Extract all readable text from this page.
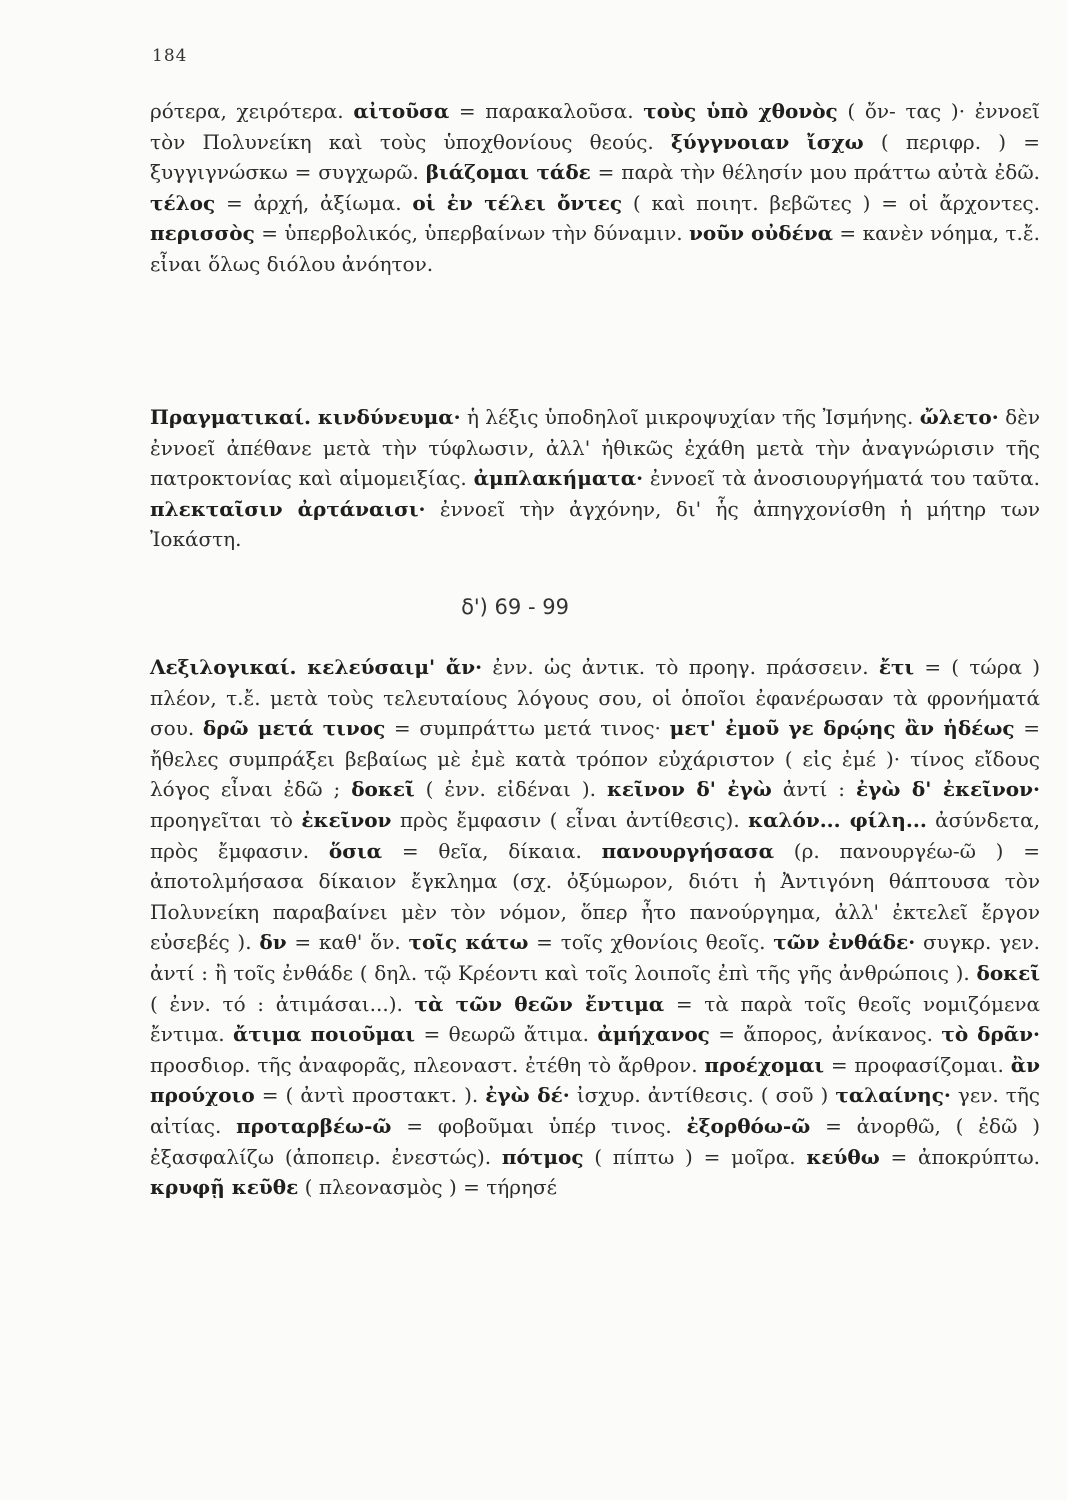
184

ρότερα, χειρότερα. αἰτοῦσα = παρακαλοῦσα. τοὺς ὑπὸ χθονὸς ( ὄν- τας )· ἐννοεῖ τὸν Πολυνείκη καὶ τοὺς ὑποχθονίους θεούς. ξύγγνοιαν ἴσχω ( περιφρ. ) = ξυγγιγνώσκω = συγχωρῶ. βιάζομαι τάδε = παρὰ τὴν θέλησίν μου πράττω αὐτὰ ἐδῶ. τέλος = ἀρχή, ἀξίωμα. οἱ ἐν τέλει ὄντες ( καὶ ποιητ. βεβῶτες ) = οἱ ἄρχοντες. περισσὸς = ὑπερβολικός, ὑπερβαίνων τὴν δύναμιν. νοῦν οὐδένα = κανὲν νόημα, τ.ἔ. εἶναι ὅλως διόλου ἀνόητον.

Πραγματικαί. κινδύνευμα· ἡ λέξις ὑποδηλοῖ μικροψυχίαν τῆς Ἰσμήνης. ὤλετο· δὲν ἐννοεῖ ἀπέθανε μετὰ τὴν τύφλωσιν, ἀλλ' ἠθικῶς ἐχάθη μετὰ τὴν ἀναγνώρισιν τῆς πατροκτονίας καὶ αἱμομειξίας. ἀμπλακήματα· ἐννοεῖ τὰ ἀνοσιουργήματά του ταῦτα. πλεκταῖσιν ἀρτάναισι· ἐννοεῖ τὴν ἀγχόνην, δι' ἧς ἀπηγχονίσθη ἡ μήτηρ των Ἰοκάστη.

δ') 69 - 99

Λεξιλογικαί. κελεύσαιμ' ἄν· ἐνν. ὡς ἀντικ. τὸ προηγ. πράσσειν. ἔτι = ( τώρα ) πλέον, τ.ἔ. μετὰ τοὺς τελευταίους λόγους σου, οἱ ὁποῖοι ἐφανέρωσαν τὰ φρονήματά σου. δρῶ μετά τινος = συμπράττω μετά τινος· μετ' ἐμοῦ γε δρῴης ἂν ἡδέως = ἤθελες συμπράξει βεβαίως μὲ ἐμὲ κατὰ τρόπον εὐχάριστον ( εἰς ἐμέ )· τίνος εἴδους λόγος εἶναι ἐδῶ ; δοκεῖ ( ἐνν. εἰδέναι ). κεῖνον δ' ἐγὼ ἀντί : ἐγὼ δ' ἐκεῖνον· προηγεῖται τὸ ἐκεῖνον πρὸς ἔμφασιν ( εἶναι ἀντίθεσις). καλόν... φίλη... ἀσύνδετα, πρὸς ἔμφασιν. ὅσια = θεῖα, δίκαια. πανουργήσασα (ρ. πανουργέω-ῶ ) = ἀποτολμήσασα δίκαιον ἔγκλημα (σχ. ὀξύμωρον, διότι ἡ Ἀντιγόνη θάπτουσα τὸν Πολυνείκη παραβαίνει μὲν τὸν νόμον, ὅπερ ἦτο πανούργημα, ἀλλ' ἐκτελεῖ ἔργον εὐσεβές ). δν = καθ' ὅν. τοῖς κάτω = τοῖς χθονίοις θεοῖς. τῶν ἐνθάδε· συγκρ. γεν. ἀντί : ἢ τοῖς ἐνθάδε ( δηλ. τῷ Κρέοντι καὶ τοῖς λοιποῖς ἐπὶ τῆς γῆς ἀνθρώποις ). δοκεῖ ( ἐνν. τό : ἀτιμάσαι...). τὰ τῶν θεῶν ἔντιμα = τὰ παρὰ τοῖς θεοῖς νομιζόμενα ἔντιμα. ἄτιμα ποιοῦμαι = θεωρῶ ἄτιμα. ἀμήχανος = ἄπορος, ἀνίκανος. τὸ δρᾶν· προσδιορ. τῆς ἀναφορᾶς, πλεοναστ. ἐτέθη τὸ ἄρθρον. προέχομαι = προφασίζομαι. ἂν προύχοιο = ( ἀντὶ προστακτ. ). ἐγὼ δέ· ἰσχυρ. ἀντίθεσις. ( σοῦ ) ταλαίνης· γεν. τῆς αἰτίας. προταρβέω-ῶ = φοβοῦμαι ὑπέρ τινος. ἐξορθόω-ῶ = ἀνορθῶ, ( ἐδῶ ) ἐξασφαλίζω (ἀποπειρ. ἐνεστώς). πότμος ( πίπτω ) = μοῖρα. κεύθω = ἀποκρύπτω. κρυφῇ κεῦθε ( πλεονασμὸς ) = τήρησέ
